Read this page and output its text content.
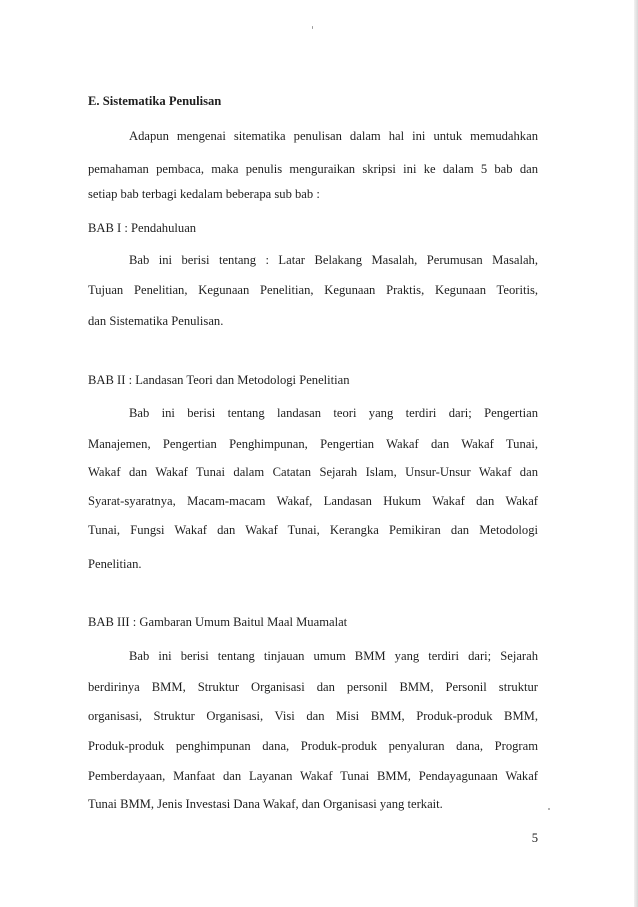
E. Sistematika Penulisan

Adapun mengenai sitematika penulisan dalam hal ini untuk memudahkan

pemahaman pembaca, maka penulis menguraikan skripsi ini ke dalam 5 bab dan

setiap bab terbagi kedalam beberapa sub bab :

BAB I : Pendahuluan

Bab ini berisi tentang : Latar Belakang Masalah, Perumusan Masalah,

Tujuan Penelitian, Kegunaan Penelitian, Kegunaan Praktis, Kegunaan Teoritis,

dan Sistematika Penulisan.

BAB II : Landasan Teori dan Metodologi Penelitian

Bab ini berisi tentang landasan teori yang terdiri dari; Pengertian

Manajemen, Pengertian Penghimpunan, Pengertian Wakaf dan Wakaf Tunai,

Wakaf dan Wakaf Tunai dalam Catatan Sejarah Islam, Unsur-Unsur Wakaf dan

Syarat-syaratnya, Macam-macam Wakaf, Landasan Hukum Wakaf dan Wakaf

Tunai, Fungsi Wakaf dan Wakaf Tunai, Kerangka Pemikiran dan Metodologi

Penelitian.

BAB III : Gambaran Umum Baitul Maal Muamalat

Bab ini berisi tentang tinjauan umum BMM yang terdiri dari; Sejarah

berdirinya BMM, Struktur Organisasi dan personil BMM, Personil struktur

organisasi, Struktur Organisasi, Visi dan Misi BMM, Produk-produk BMM,

Produk-produk penghimpunan dana, Produk-produk penyaluran dana, Program

Pemberdayaan, Manfaat dan Layanan Wakaf Tunai BMM, Pendayagunaan Wakaf

Tunai BMM, Jenis Investasi Dana Wakaf, dan Organisasi yang terkait.

5
